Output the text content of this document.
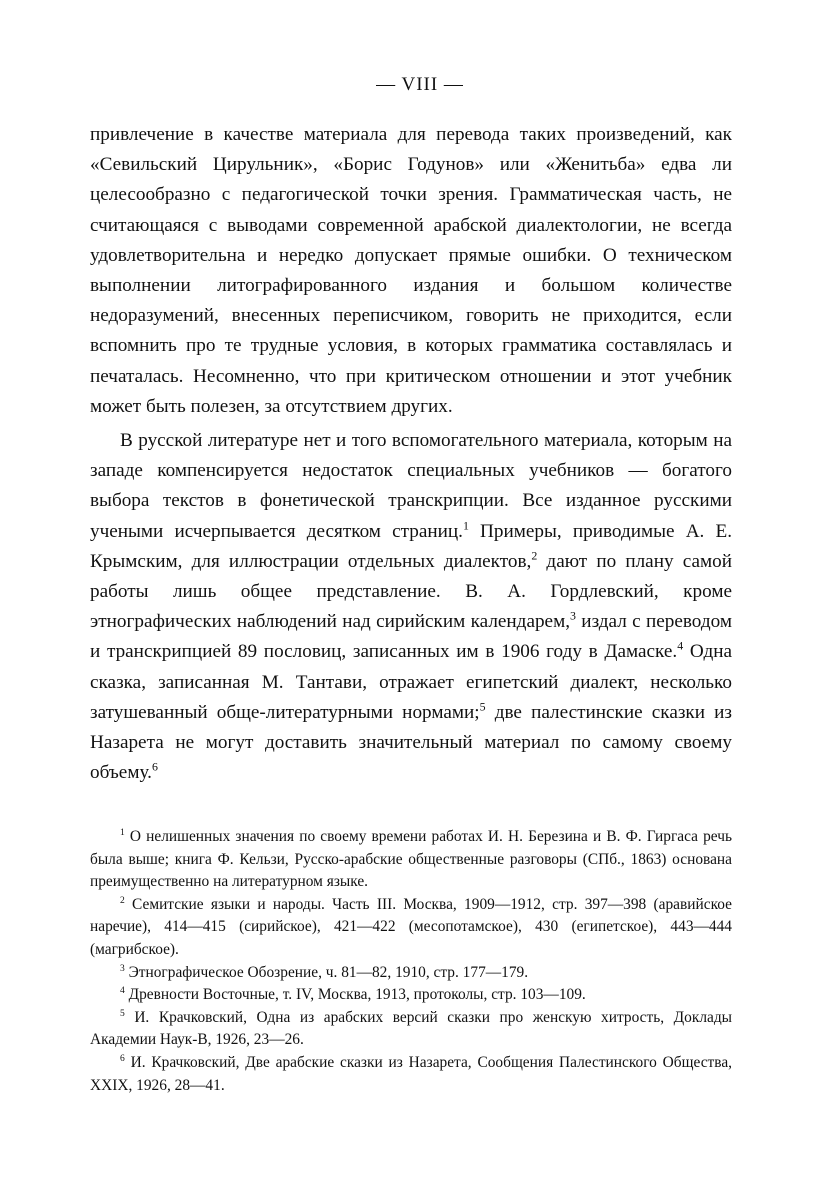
— VIII —

привлечение в качестве материала для перевода таких произведений, как «Севильский Цирульник», «Борис Годунов» или «Женитьба» едва ли целесообразно с педагогической точки зрения. Грамматическая часть, не считающаяся с выводами современной арабской диалектологии, не всегда удовлетворительна и нередко допускает прямые ошибки. О техническом выполнении литографированного издания и большом количестве недоразумений, внесенных переписчиком, говорить не приходится, если вспомнить про те трудные условия, в которых грамматика составлялась и печаталась. Несомненно, что при критическом отношении и этот учебник может быть полезен, за отсутствием других.

В русской литературе нет и того вспомогательного материала, которым на западе компенсируется недостаток специальных учебников — богатого выбора текстов в фонетической транскрипции. Все изданное русскими учеными исчерпывается десятком страниц.$^1$ Примеры, приводимые А. Е. Крымским, для иллюстрации отдельных диалектов,$^2$ дают по плану самой работы лишь общее представление. В. А. Гордлевский, кроме этнографических наблюдений над сирийским календарем,$^3$ издал с переводом и транскрипцией 89 пословиц, записанных им в 1906 году в Дамаске.$^4$ Одна сказка, записанная М. Тантави, отражает египетский диалект, несколько затушеванный обще-литературными нормами;$^5$ две палестинские сказки из Назарета не могут доставить значительный материал по самому своему объему.$^6$

$^1$ О нелишенных значения по своему времени работах И. Н. Березина и В. Ф. Гиргаса речь была выше; книга Ф. Кельзи, Русско-арабские общественные разговоры (СПб., 1863) основана преимущественно на литературном языке.

$^2$ Семитские языки и народы. Часть III. Москва, 1909—1912, стр. 397—398 (аравийское наречие), 414—415 (сирийское), 421—422 (месопотамское), 430 (египетское), 443—444 (магрибское).

$^3$ Этнографическое Обозрение, ч. 81—82, 1910, стр. 177—179.

$^4$ Древности Восточные, т. IV, Москва, 1913, протоколы, стр. 103—109.

$^5$ И. Крачковский, Одна из арабских версий сказки про женскую хитрость, Доклады Академии Наук-В, 1926, 23—26.

$^6$ И. Крачковский, Две арабские сказки из Назарета, Сообщения Палестинского Общества, XXIX, 1926, 28—41.
